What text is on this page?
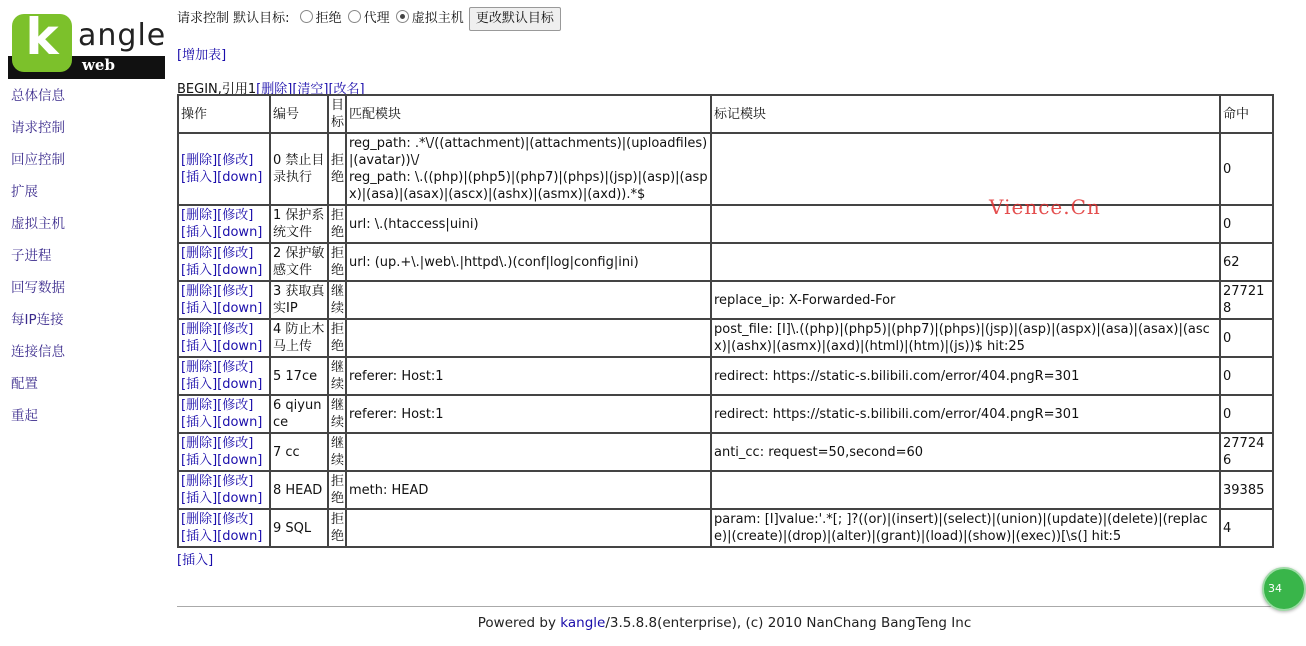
k angle
web server
总体信息
请求控制
回应控制
扩展
虚拟主机
子进程
回写数据
每IP连接
连接信息
配置
重起
请求控制 默认目标: 拒绝 代理 虚拟主机 更改默认目标
[增加表]
BEGIN,引用1[删除][清空][改名]
操作	编号	目标	匹配模块	标记模块	命中
[删除][修改]
[插入][down]	0 禁止目录执行	拒绝	reg_path: .*\/((attachment)|(attachments)|(uploadfiles)|(avatar))\/
reg_path: \.((php)|(php5)|(php7)|(phps)|(jsp)|(asp)|(aspx)|(asa)|(asax)|(ascx)|(ashx)|(asmx)|(axd)).*$		0
[删除][修改]
[插入][down]	1 保护系统文件	拒绝	url: \.(htaccess|uini)		0
[删除][修改]
[插入][down]	2 保护敏感文件	拒绝	url: (up.+\.|web\.|httpd\.)(conf|log|config|ini)		62
[删除][修改]
[插入][down]	3 获取真实IP	继续		replace_ip: X-Forwarded-For	277218
[删除][修改]
[插入][down]	4 防止木马上传	拒绝		post_file: [I]\.((php)|(php5)|(php7)|(phps)|(jsp)|(asp)|(aspx)|(asa)|(asax)|(ascx)|(ashx)|(asmx)|(axd)|(html)|(htm)|(js))$ hit:25	0
[删除][修改]
[插入][down]	5 17ce	继续	referer: Host:1	redirect: https://static-s.bilibili.com/error/404.pngR=301	0
[删除][修改]
[插入][down]	6 qiyunce	继续	referer: Host:1	redirect: https://static-s.bilibili.com/error/404.pngR=301	0
[删除][修改]
[插入][down]	7 cc	继续		anti_cc: request=50,second=60	277246
[删除][修改]
[插入][down]	8 HEAD	拒绝	meth: HEAD		39385
[删除][修改]
[插入][down]	9 SQL	拒绝		param: [I]value:'.*[; ]?((or)|(insert)|(select)|(union)|(update)|(delete)|(replace)|(create)|(drop)|(alter)|(grant)|(load)|(show)|(exec))[\s(] hit:5	4
[插入]
Powered by kangle/3.5.8.8(enterprise), (c) 2010 NanChang BangTeng Inc
Vience.Cn
34
